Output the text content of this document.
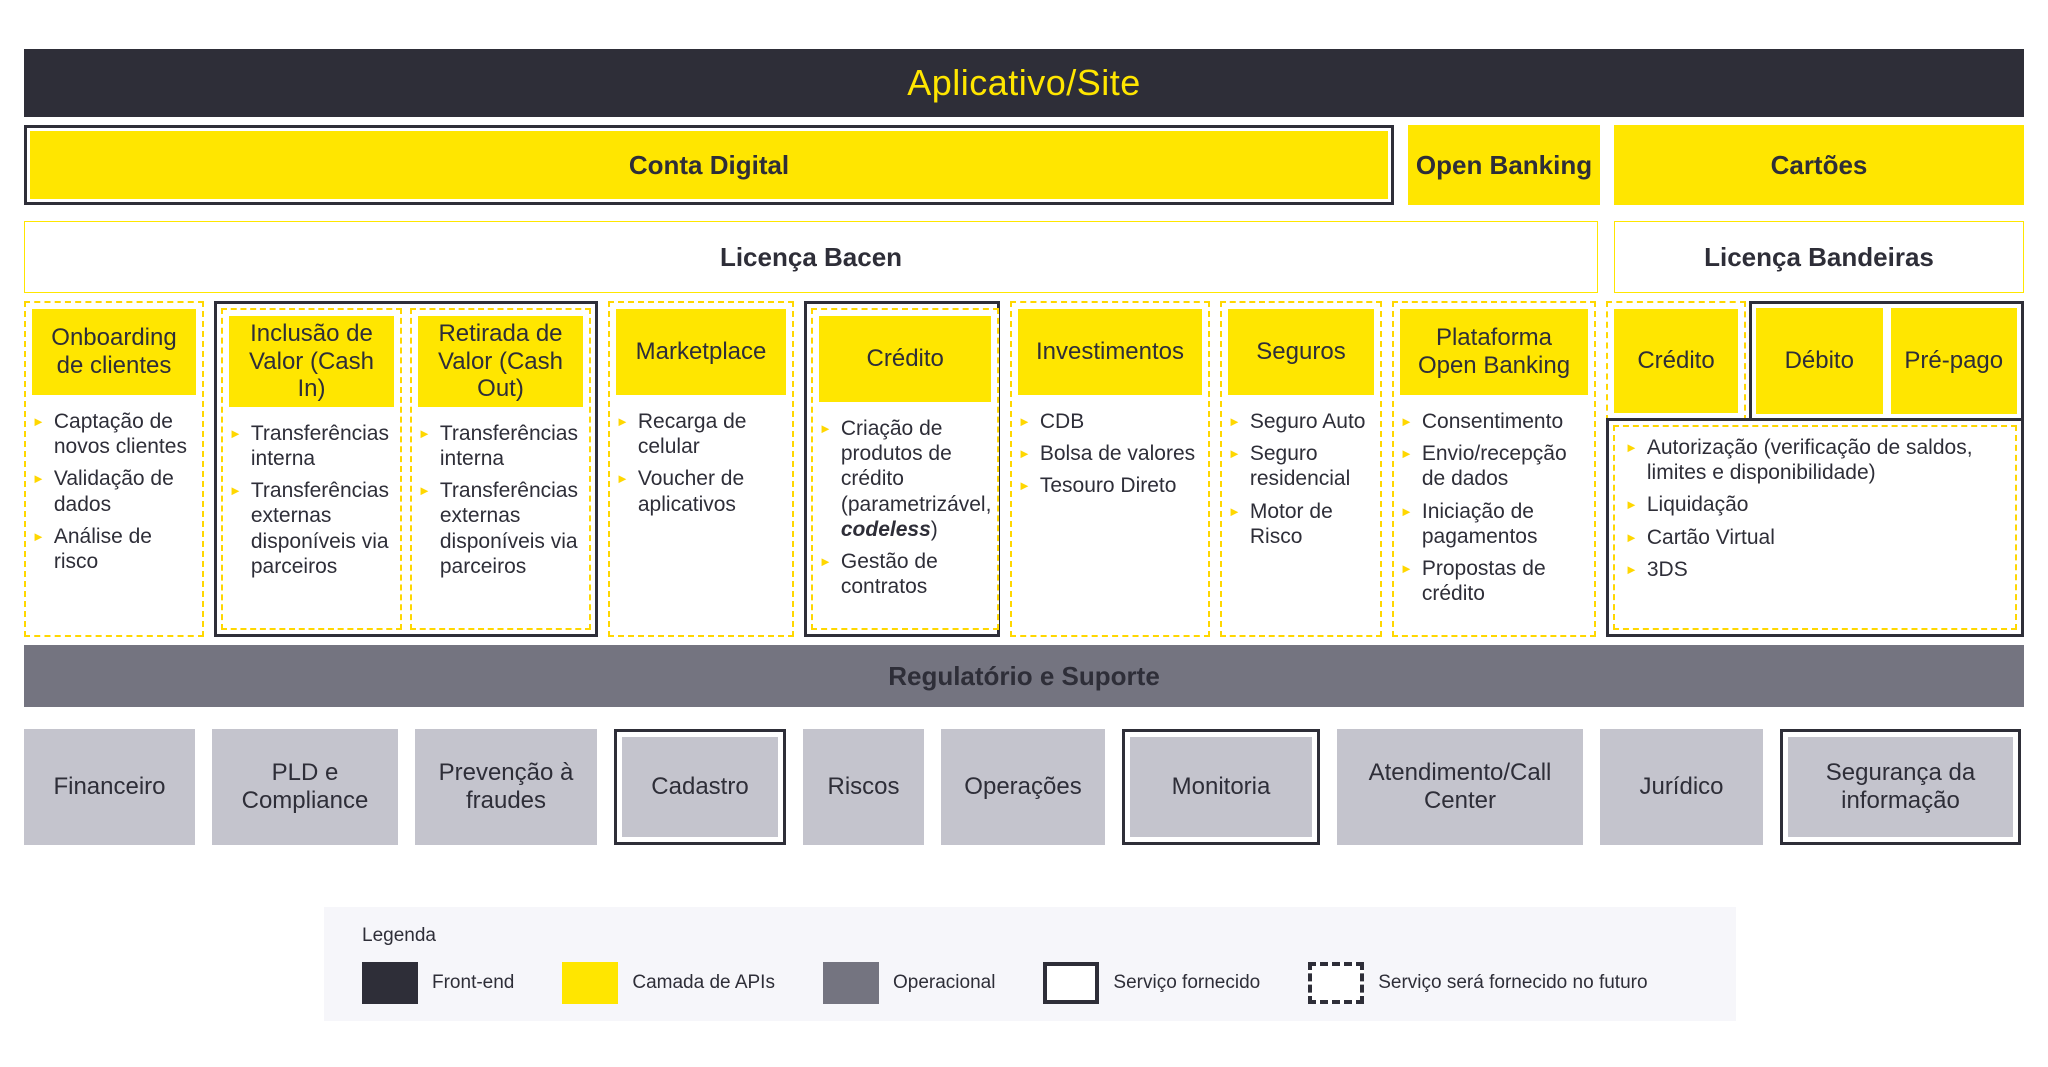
Aplicativo/Site
Conta Digital	Open Banking	Cartões
Licença Bacen	Licença Bandeiras
Onboarding de clientes
► Captação de novos clientes
► Validação de dados
► Análise de risco
Inclusão de Valor (Cash In)
► Transferências interna
► Transferências externas disponíveis via parceiros
Retirada de Valor (Cash Out)
► Transferências interna
► Transferências externas disponíveis via parceiros
Marketplace
► Recarga de celular
► Voucher de aplicativos
Crédito
► Criação de produtos de crédito (parametrizável, codeless)
► Gestão de contratos
Investimentos
► CDB
► Bolsa de valores
► Tesouro Direto
Seguros
► Seguro Auto
► Seguro residencial
► Motor de Risco
Plataforma Open Banking
► Consentimento
► Envio/recepção de dados
► Iniciação de pagamentos
► Propostas de crédito
Crédito	Débito Pré-pago
► Autorização (verificação de saldos, limites e disponibilidade)
► Liquidação
► Cartão Virtual
► 3DS
Regulatório e Suporte
Financeiro
PLD e Compliance
Prevenção à fraudes
Cadastro	Riscos	Operações	Monitoria
Atendimento/Call Center
Jurídico
Segurança da informação
Legenda
Front-end	Camada de APIs	Operacional	Serviço fornecido	Serviço será fornecido no futuro
